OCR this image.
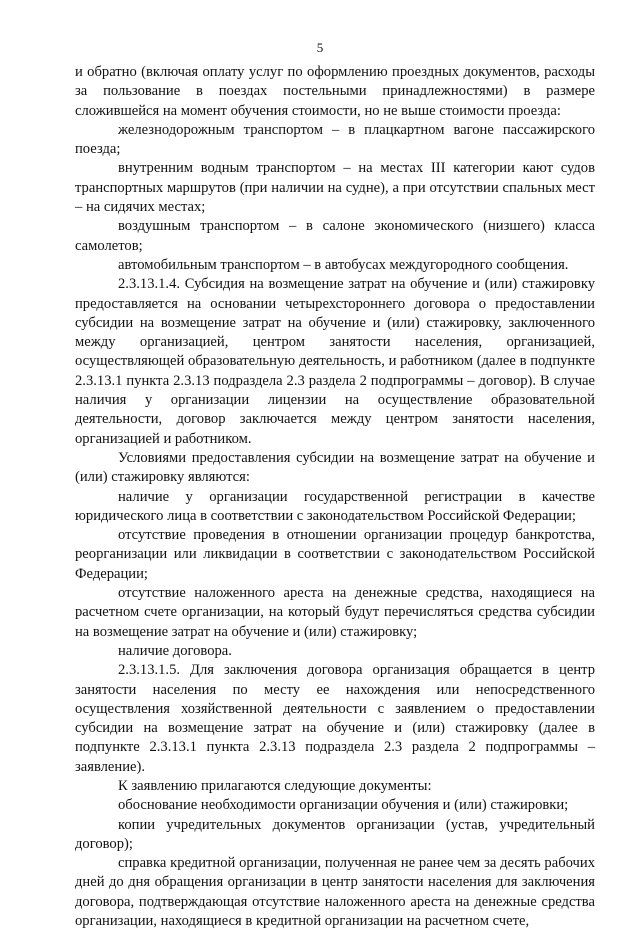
5

и обратно (включая оплату услуг по оформлению проездных документов, расходы за пользование в поездах постельными принадлежностями) в размере сложившейся на момент обучения стоимости, но не выше стоимости проезда:

железнодорожным транспортом – в плацкартном вагоне пассажирского поезда;

внутренним водным транспортом – на местах III категории кают судов транспортных маршрутов (при наличии на судне), а при отсутствии спальных мест – на сидячих местах;

воздушным транспортом – в салоне экономического (низшего) класса самолетов;

автомобильным транспортом – в автобусах междугородного сообщения.

2.3.13.1.4. Субсидия на возмещение затрат на обучение и (или) стажировку предоставляется на основании четырехстороннего договора о предоставлении субсидии на возмещение затрат на обучение и (или) стажировку, заключенного между организацией, центром занятости населения, организацией, осуществляющей образовательную деятельность, и работником (далее в подпункте 2.3.13.1 пункта 2.3.13 подраздела 2.3 раздела 2 подпрограммы – договор). В случае наличия у организации лицензии на осуществление образовательной деятельности, договор заключается между центром занятости населения, организацией и работником.

Условиями предоставления субсидии на возмещение затрат на обучение и (или) стажировку являются:

наличие у организации государственной регистрации в качестве юридического лица в соответствии с законодательством Российской Федерации;

отсутствие проведения в отношении организации процедур банкротства, реорганизации или ликвидации в соответствии с законодательством Российской Федерации;

отсутствие наложенного ареста на денежные средства, находящиеся на расчетном счете организации, на который будут перечисляться средства субсидии на возмещение затрат на обучение и (или) стажировку;

наличие договора.

2.3.13.1.5. Для заключения договора организация обращается в центр занятости населения по месту ее нахождения или непосредственного осуществления хозяйственной деятельности с заявлением о предоставлении субсидии на возмещение затрат на обучение и (или) стажировку (далее в подпункте 2.3.13.1 пункта 2.3.13 подраздела 2.3 раздела 2 подпрограммы – заявление).

К заявлению прилагаются следующие документы:

обоснование необходимости организации обучения и (или) стажировки;

копии учредительных документов организации (устав, учредительный договор);

справка кредитной организации, полученная не ранее чем за десять рабочих дней до дня обращения организации в центр занятости населения для заключения договора, подтверждающая отсутствие наложенного ареста на денежные средства организации, находящиеся в кредитной организации на расчетном счете,
